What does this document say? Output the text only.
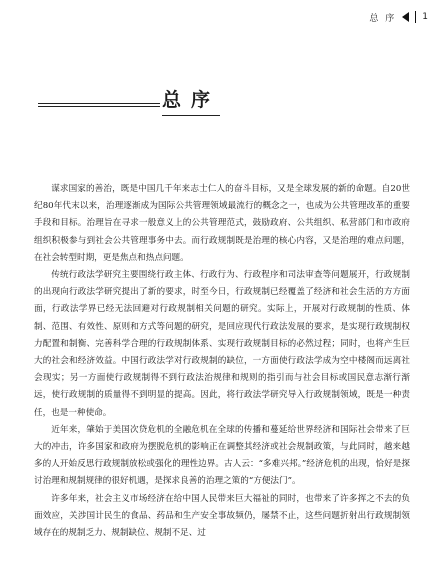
总 序	1
总序

谋求国家的善治，既是中国几千年来志士仁人的奋斗目标，又是全球发展的新的命题。自20世纪80年代末以来，治理逐渐成为国际公共管理领域最流行的概念之一，也成为公共管理改革的重要手段和目标。治理旨在寻求一般意义上的公共管理范式，鼓励政府、公共组织、私营部门和市政府组织积极参与到社会公共管理事务中去。而行政规制既是治理的核心内容，又是治理的难点问题，在社会转型时期，更是焦点和热点问题。

传统行政法学研究主要围绕行政主体、行政行为、行政程序和司法审查等问题展开，行政规制的出现向行政法学研究提出了新的要求，时至今日，行政规制已经覆盖了经济和社会生活的方方面面，行政法学界已经无法回避对行政规制相关问题的研究。实际上，开展对行政规制的性质、体制、范围、有效性、原则和方式等问题的研究，是回应现代行政法发展的要求，是实现行政规制权力配置和制衡、完善科学合理的行政规制体系、实现行政规制目标的必然过程；同时，也将产生巨大的社会和经济效益。中国行政法学对行政规制的缺位，一方面使行政法学成为空中楼阁而远离社会现实；另一方面使行政规制得不到行政法治规律和规则的指引而与社会目标或国民意志渐行渐远，使行政规制的质量得不到明显的提高。因此，将行政法学研究导入行政规制领域，既是一种责任，也是一种使命。

近年来，肇始于美国次贷危机的全融危机在全球的传播和蔓延给世界经济和国际社会带来了巨大的冲击，许多国家和政府为摆脱危机的影响正在调整其经济或社会规制政策，与此同时，越来越多的人开始反思行政规制放松或强化的理性边界。古人云：“多难兴邦。”经济危机的出现，恰好是探讨治理和规制规律的很好机遇，是探求良善的治理之策的“方便法门”。

许多年来，社会主义市场经济在给中国人民带来巨大福祉的同时，也带来了许多挥之不去的负面效应，关涉国计民生的食品、药品和生产安全事故频仍，屡禁不止，这些问题折射出行政规制领域存在的规制乏力、规制缺位、规制不足、过
